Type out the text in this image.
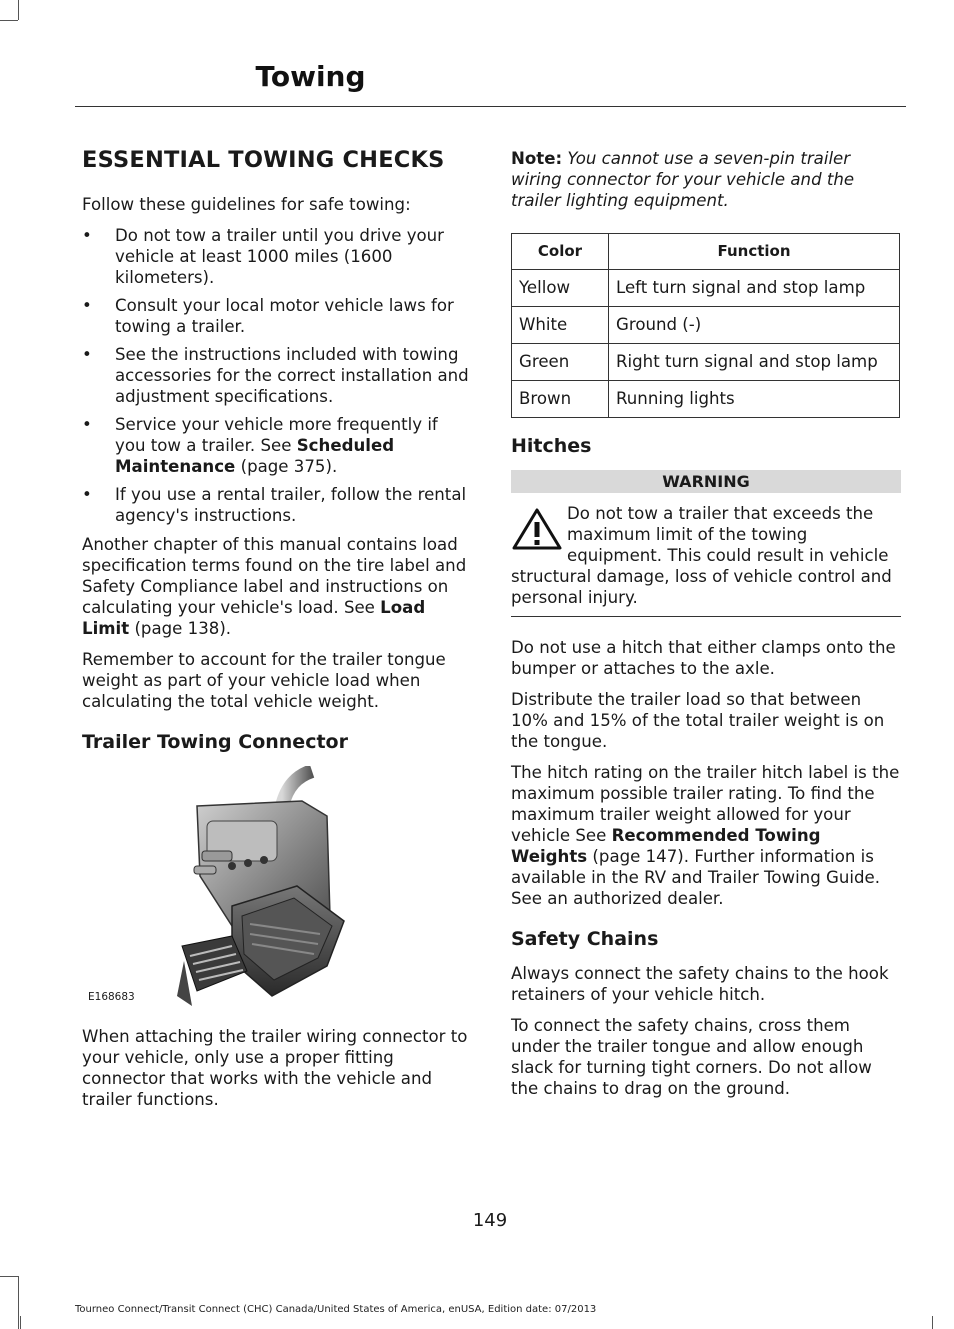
Towing
ESSENTIAL TOWING CHECKS

Follow these guidelines for safe towing:

• Do not tow a trailer until you drive your vehicle at least 1000 miles (1600 kilometers).
• Consult your local motor vehicle laws for towing a trailer.
• See the instructions included with towing accessories for the correct installation and adjustment specifications.
• Service your vehicle more frequently if you tow a trailer. See Scheduled Maintenance (page 375).
• If you use a rental trailer, follow the rental agency's instructions.

Another chapter of this manual contains load specification terms found on the tire label and Safety Compliance label and instructions on calculating your vehicle's load. See Load Limit (page 138).

Remember to account for the trailer tongue weight as part of your vehicle load when calculating the total vehicle weight.

Trailer Towing Connector
E168683

When attaching the trailer wiring connector to your vehicle, only use a proper fitting connector that works with the vehicle and trailer functions.

Note: You cannot use a seven-pin trailer wiring connector for your vehicle and the trailer lighting equipment.

Color	Function
Yellow	Left turn signal and stop lamp
White	Ground (-)
Green	Right turn signal and stop lamp
Brown	Running lights
Hitches
WARNING
Do not tow a trailer that exceeds the maximum limit of the towing equipment. This could result in vehicle structural damage, loss of vehicle control and personal injury.

Do not use a hitch that either clamps onto the bumper or attaches to the axle.

Distribute the trailer load so that between 10% and 15% of the total trailer weight is on the tongue.

The hitch rating on the trailer hitch label is the maximum possible trailer rating. To find the maximum trailer weight allowed for your vehicle See Recommended Towing Weights (page 147). Further information is available in the RV and Trailer Towing Guide. See an authorized dealer.

Safety Chains

Always connect the safety chains to the hook retainers of your vehicle hitch.

To connect the safety chains, cross them under the trailer tongue and allow enough slack for turning tight corners. Do not allow the chains to drag on the ground.

149
Tourneo Connect/Transit Connect (CHC) Canada/United States of America, enUSA, Edition date: 07/2013
